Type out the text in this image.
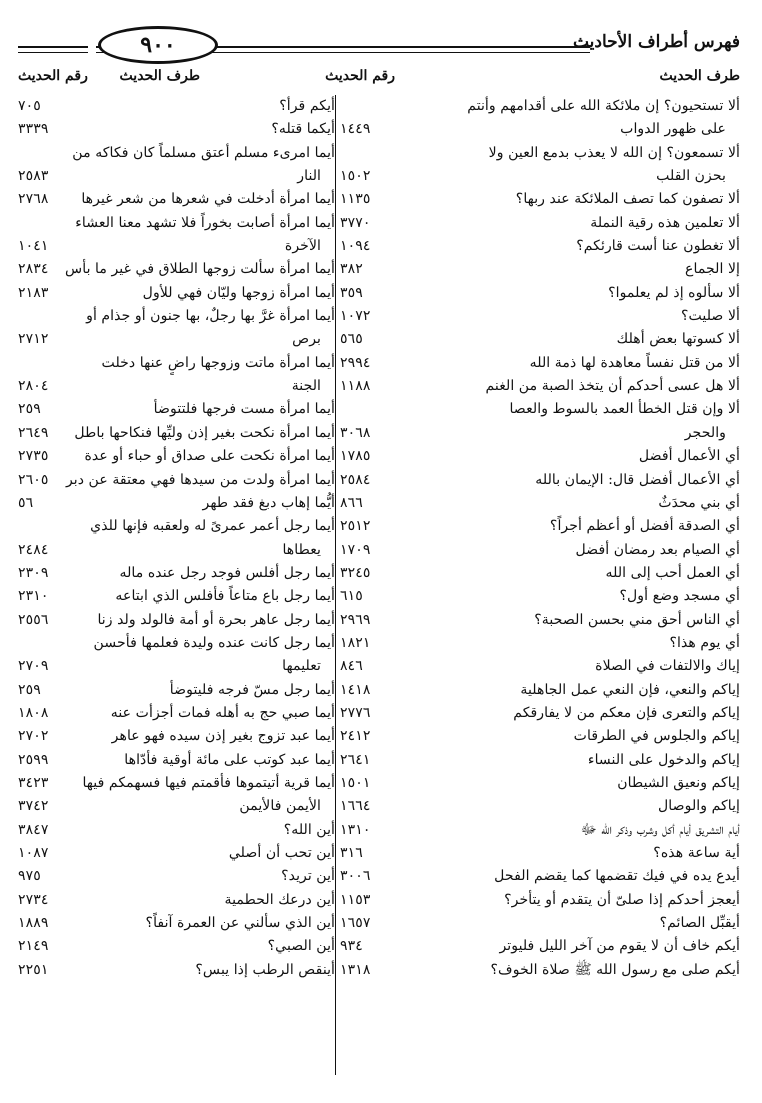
فهرس أطراف الأحاديث
٩٠٠
طرف الحديث
رقم الحديث
طرف الحديث
رقم الحديث
ألا تستحيون؟ إن ملائكة الله على أقدامهم وأنتم
أيكم قرأ؟
٧٠٥
على ظهور الدواب
١٤٤٩
أيكما قتله؟
٣٣٣٩
ألا تسمعون؟ إن الله لا يعذب بدمع العين ولا
أيما امرىء مسلم أعتق مسلماً كان فكاكه من
بحزن القلب
١٥٠٢
النار
٢٥٨٣
ألا تصفون كما تصف الملائكة عند ربها؟
١١٣٥
أيما امرأة أدخلت في شعرها من شعر غيرها
٢٧٦٨
ألا تعلمين هذه رقية النملة
٣٧٧٠
أيما امرأة أصابت بخوراً فلا تشهد معنا العشاء
ألا تغطون عنا أست قارئكم؟
١٠٩٤
الآخرة
١٠٤١
إلا الجماع
٣٨٢
أيما امرأة سألت زوجها الطلاق في غير ما بأس
٢٨٣٤
ألا سألوه إذ لم يعلموا؟
٣٥٩
أيما امرأة زوجها وليّان فهي للأول
٢١٨٣
ألا صليت؟
١٠٧٢
أيما امرأة غرَّ بها رجلٌ، بها جنون أو جذام أو
ألا كسوتها بعض أهلك
٥٦٥
برص
٢٧١٢
ألا من قتل نفساً معاهدة لها ذمة الله
٢٩٩٤
أيما امرأة ماتت وزوجها راضٍ عنها دخلت
ألا هل عسى أحدكم أن يتخذ الصبة من الغنم
١١٨٨
الجنة
٢٨٠٤
ألا وإن قتل الخطأ العمد بالسوط والعصا
أيما امرأة مست فرجها فلتتوضأ
٢٥٩
والحجر
٣٠٦٨
أيما امرأة نكحت بغير إذن وليِّها فنكاحها باطل
٢٦٤٩
أي الأعمال أفضل
١٧٨٥
أيما امرأة نكحت على صداق أو حباء أو عدة
٢٧٣٥
أي الأعمال أفضل قال: الإيمان بالله
٢٥٨٤
أيما امرأة ولدت من سيدها فهي معتقة عن دبر
٢٦٠٥
أي بني محدَثٌ
٨٦٦
أيُّما إهاب دبغ فقد طهر
٥٦
أي الصدقة أفضل أو أعظم أجراً؟
٢٥١٢
أيما رجل أعمر عمرىً له ولعقبه فإنها للذي
أي الصيام بعد رمضان أفضل
١٧٠٩
يعطاها
٢٤٨٤
أي العمل أحب إلى الله
٣٢٤٥
أيما رجل أفلس فوجد رجل عنده ماله
٢٣٠٩
أي مسجد وضع أول؟
٦١٥
أيما رجل باع متاعاً فأفلس الذي ابتاعه
٢٣١٠
أي الناس أحق مني بحسن الصحبة؟
٢٩٦٩
أيما رجل عاهر بحرة أو أمة فالولد ولد زنا
٢٥٥٦
أي يوم هذا؟
١٨٢١
أيما رجل كانت عنده وليدة فعلمها فأحسن
إياك والالتفات في الصلاة
٨٤٦
تعليمها
٢٧٠٩
إياكم والنعي، فإن النعي عمل الجاهلية
١٤١٨
أيما رجل مسّ فرجه فليتوضأ
٢٥٩
إياكم والتعرى فإن معكم من لا يفارقكم
٢٧٧٦
أيما صبي حج به أهله فمات أجزأت عنه
١٨٠٨
إياكم والجلوس في الطرقات
٢٤١٢
أيما عبد تزوج بغير إذن سيده فهو عاهر
٢٧٠٢
إياكم والدخول على النساء
٢٦٤١
أيما عبد كوتب على مائة أوقية فأدّاها
٢٥٩٩
إياكم ونعيق الشيطان
١٥٠١
أيما قرية أتيتموها فأقمتم فيها فسهمكم فيها
٣٤٢٣
إياكم والوصال
١٦٦٤
الأيمن فالأيمن
٣٧٤٢
أيام التشريق أيام أكل وشرب وذكر الله ﷻ
١٣١٠
أين الله؟
٣٨٤٧
أية ساعة هذه؟
٣١٦
أين تحب أن أصلي
١٠٨٧
أيدع يده في فيك تقضمها كما يقضم الفحل
٣٠٠٦
أين تريد؟
٩٧٥
أيعجز أحدكم إذا صلىّ أن يتقدم أو يتأخر؟
١١٥٣
أين درعك الحطمية
٢٧٣٤
أيقبِّل الصائم؟
١٦٥٧
أين الذي سألني عن العمرة آنفاً؟
١٨٨٩
أيكم خاف أن لا يقوم من آخر الليل فليوتر
٩٣٤
أين الصبي؟
٢١٤٩
أيكم صلى مع رسول الله ﷺ صلاة الخوف؟
١٣١٨
أينقص الرطب إذا يبس؟
٢٢٥١
